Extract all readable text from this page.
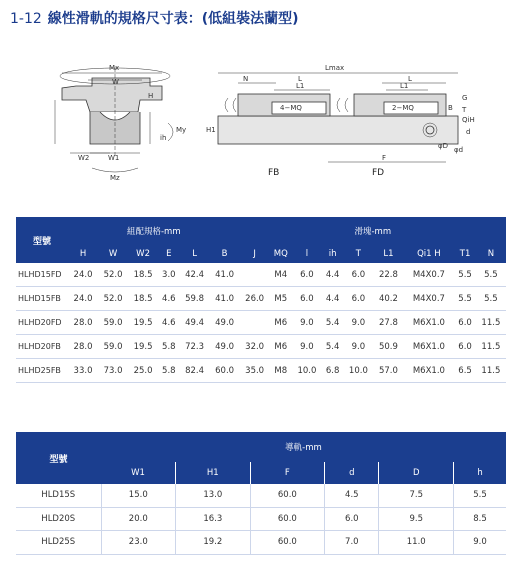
1-12 線性滑軌的規格尺寸表：(低組裝法蘭型)
Mx
W
H
My
ih
W2	W1
Mz
Lmax
N	L
L1
L
L1
4−MQ	2−MQ
H1
G
B T
QiH
F
d
φD φd
FB	FD
型號	組配規格-mm						滑塊-mm								
	H	W	W2	E	L	B	J	MQ	l	ih	T	L1	Qi1 H	T1	N
HLHD15FD	24.0	52.0	18.5	3.0	42.4	41.0		M4	6.0	4.4	6.0	22.8	M4X0.7	5.5	5.5
HLHD15FB	24.0	52.0	18.5	4.6	59.8	41.0	26.0	M5	6.0	4.4	6.0	40.2	M4X0.7	5.5	5.5
HLHD20FD	28.0	59.0	19.5	4.6	49.4	49.0		M6	9.0	5.4	9.0	27.8	M6X1.0	6.0	11.5
HLHD20FB	28.0	59.0	19.5	5.8	72.3	49.0	32.0	M6	9.0	5.4	9.0	50.9	M6X1.0	6.0	11.5
HLHD25FB	33.0	73.0	25.0	5.8	82.4	60.0	35.0	M8	10.0	6.8	10.0	57.0	M6X1.0	6.5	11.5
型號	導軌-mm					
	W1	H1	F	d	D	h
HLD15S	15.0	13.0	60.0	4.5	7.5	5.5
HLD20S	20.0	16.3	60.0	6.0	9.5	8.5
HLD25S	23.0	19.2	60.0	7.0	11.0	9.0
